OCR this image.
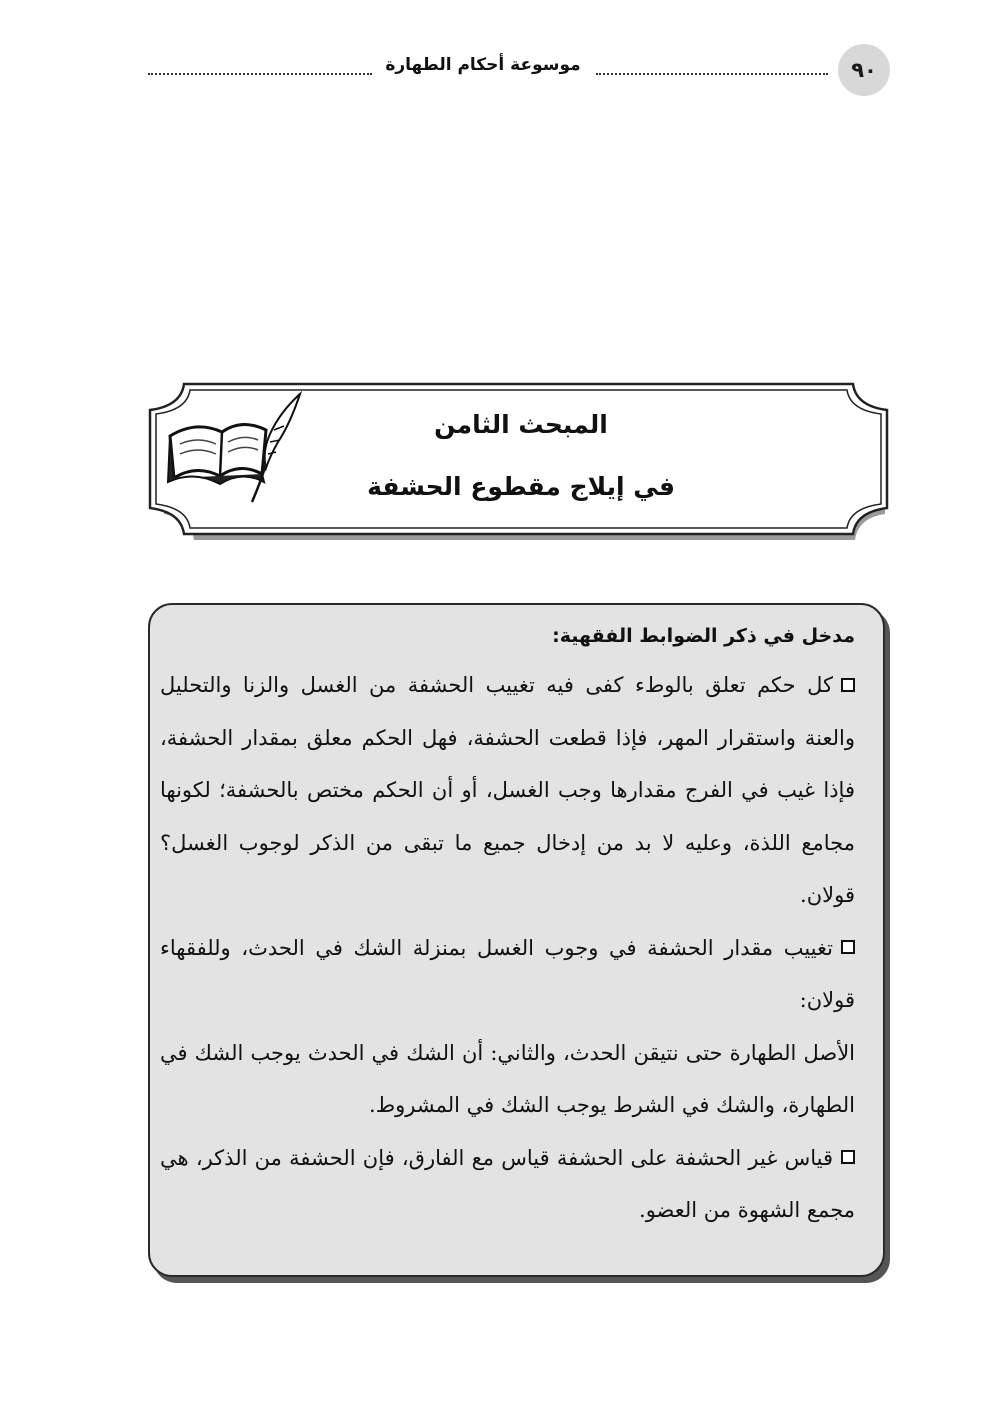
٩٠
موسوعة أحكام الطهارة
المبحث الثامن
في إيلاج مقطوع الحشفة
مدخل في ذكر الضوابط الفقهية:

كل حكم تعلق بالوطء كفى فيه تغييب الحشفة من الغسل والزنا والتحليل والعنة واستقرار المهر، فإذا قطعت الحشفة، فهل الحكم معلق بمقدار الحشفة، فإذا غيب في الفرج مقدارها وجب الغسل، أو أن الحكم مختص بالحشفة؛ لكونها مجامع اللذة، وعليه لا بد من إدخال جميع ما تبقى من الذكر لوجوب الغسل؟ قولان.

تغييب مقدار الحشفة في وجوب الغسل بمنزلة الشك في الحدث، وللفقهاء قولان:

الأصل الطهارة حتى نتيقن الحدث، والثاني: أن الشك في الحدث يوجب الشك في الطهارة، والشك في الشرط يوجب الشك في المشروط.

قياس غير الحشفة على الحشفة قياس مع الفارق، فإن الحشفة من الذكر، هي مجمع الشهوة من العضو.
